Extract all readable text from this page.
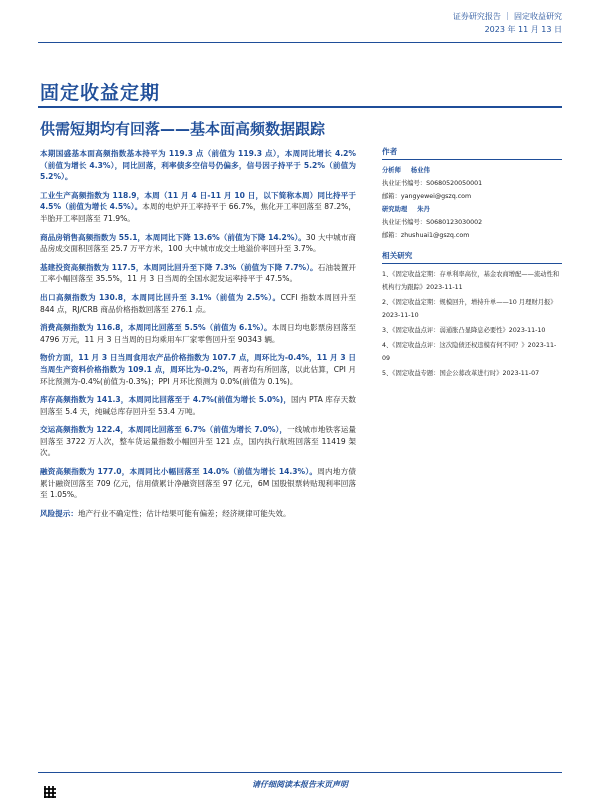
证券研究报告 ｜ 固定收益研究
2023 年 11 月 13 日
固定收益定期
供需短期均有回落——基本面高频数据跟踪

本期国盛基本面高频指数基本持平为 119.3 点（前值为 119.3 点），本周同比增长 4.2%（前值为增长 4.3%），同比回落，利率债多空信号仍偏多，信号因子持平于 5.2%（前值为 5.2%）。

工业生产高频指数为 118.9，本周（11 月 4 日-11 月 10 日，以下简称本周）同比持平于 4.5%（前值为增长 4.5%）。本周的电炉开工率持平于 66.7%，焦化开工率回落至 87.2%，半胎开工率回落至 71.9%。

商品房销售高频指数为 55.1，本周同比下降 13.6%（前值为下降 14.2%）。30 大中城市商品房成交面积回落至 25.7 万平方米，100 大中城市成交土地溢价率回升至 3.7%。

基建投资高频指数为 117.5，本周同比回升至下降 7.3%（前值为下降 7.7%）。石油装置开工率小幅回落至 35.5%，11 月 3 日当周的全国水泥发运率持平于 47.5%。

出口高频指数为 130.8，本周同比回升至 3.1%（前值为 2.5%）。CCFI 指数本周回升至 844 点，RJ/CRB 商品价格指数回落至 276.1 点。

消费高频指数为 116.8，本周同比回落至 5.5%（前值为 6.1%）。本周日均电影票房回落至 4796 万元，11 月 3 日当周的日均乘用车厂家零售回升至 90343 辆。

物价方面，11 月 3 日当周食用农产品价格指数为 107.7 点，周环比为-0.4%，11 月 3 日当周生产资料价格指数为 109.1 点，周环比为-0.2%，两者均有所回落，以此估算，CPI 月环比预测为-0.4%(前值为-0.3%)；PPI 月环比预测为 0.0%(前值为 0.1%)。

库存高频指数为 141.3，本周同比回落至于 4.7%(前值为增长 5.0%)，国内 PTA 库存天数回落至 5.4 天，纯碱总库存回升至 53.4 万吨。

交运高频指数为 122.4，本周同比回落至 6.7%（前值为增长 7.0%），一线城市地铁客运量回落至 3722 万人次，整车货运量指数小幅回升至 121 点，国内执行航班回落至 11419 架次。

融资高频指数为 177.0，本周同比小幅回落至 14.0%（前值为增长 14.3%）。周内地方债累计融资回落至 709 亿元，信用债累计净融资回落至 97 亿元，6M 国股银票转贴现利率回落至 1.05%。

风险提示：地产行业不确定性；估计结果可能有偏差；经济规律可能失效。

作者
分析师 杨业伟
执业证书编号：S0680520050001
邮箱：yangyewei@gszq.com
研究助理 朱丹
执业证书编号：S0680123030002
邮箱：zhushuai1@gszq.com
相关研究
1、《固定收益定期：存单利率高位，基金农商增配——流动性和机构行为跟踪》2023-11-11
2、《固定收益定期：规模回升，增持升单——10 月理财月报》2023-11-10
3、《固定收益点评：弱通胀凸显降息必要性》2023-11-10
4、《固定收益点评：这次隐债还权违模有何不同？》2023-11-09
5、《固定收益专题：国企公募改革进行时》2023-11-07
请仔细阅读本报告末页声明
